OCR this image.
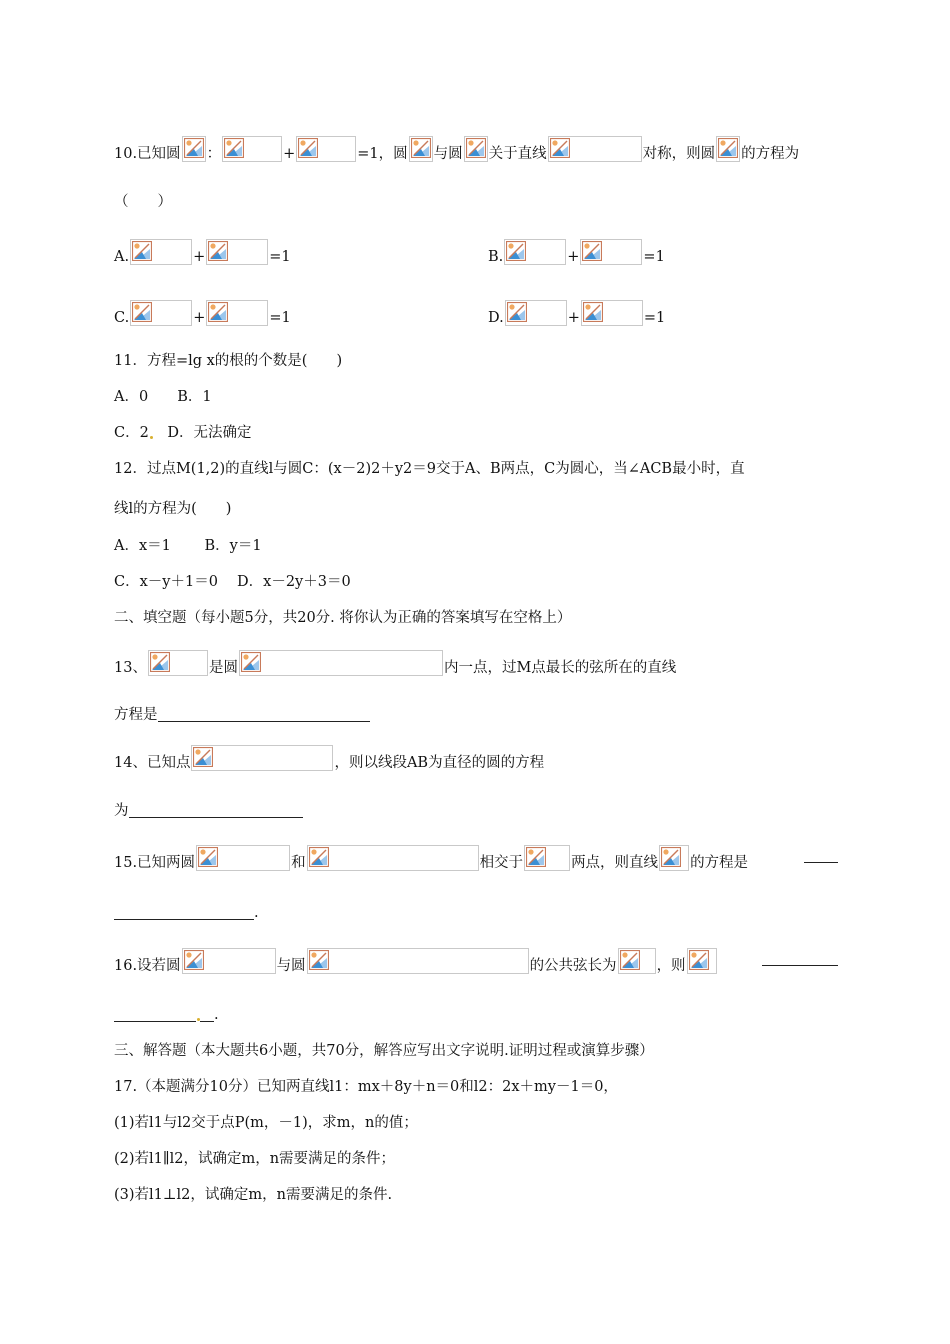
10.已知圆 ：	+	=1，圆 与圆 关于直线	对称，则圆 的方程为
（　　）
A.	+	=1	B.	+	=1
C.	+	=1	D.	+	=1
11．方程=lg x的根的个数是(　　)
A．0　　B．1
C．2　D．无法确定
12．过点M(1,2)的直线l与圆C：(x－2)2＋y2＝9交于A、B两点，C为圆心，当∠ACB最小时，直
线l的方程为(　　)
A．x＝1　　 B．y＝1
C．x－y＋1＝0　 D．x－2y＋3＝0
二、填空题（每小题5分，共20分. 将你认为正确的答案填写在空格上）
13、	是圆	内一点，过M点最长的弦所在的直线
方程是
14、已知点	，则以线段AB为直径的圆的方程
为
15.已知两圆	和	相交于	两点，则直线 的方程是
.
16.设若圆	与圆	的公共弦长为	，则
.
三、解答题（本大题共6小题，共70分，解答应写出文字说明.证明过程或演算步骤）
17.（本题满分10分）已知两直线l1：mx＋8y＋n＝0和l2：2x＋my－1＝0，
(1)若l1与l2交于点P(m，－1)，求m，n的值；
(2)若l1∥l2，试确定m，n需要满足的条件；
(3)若l1⊥l2，试确定m，n需要满足的条件.
